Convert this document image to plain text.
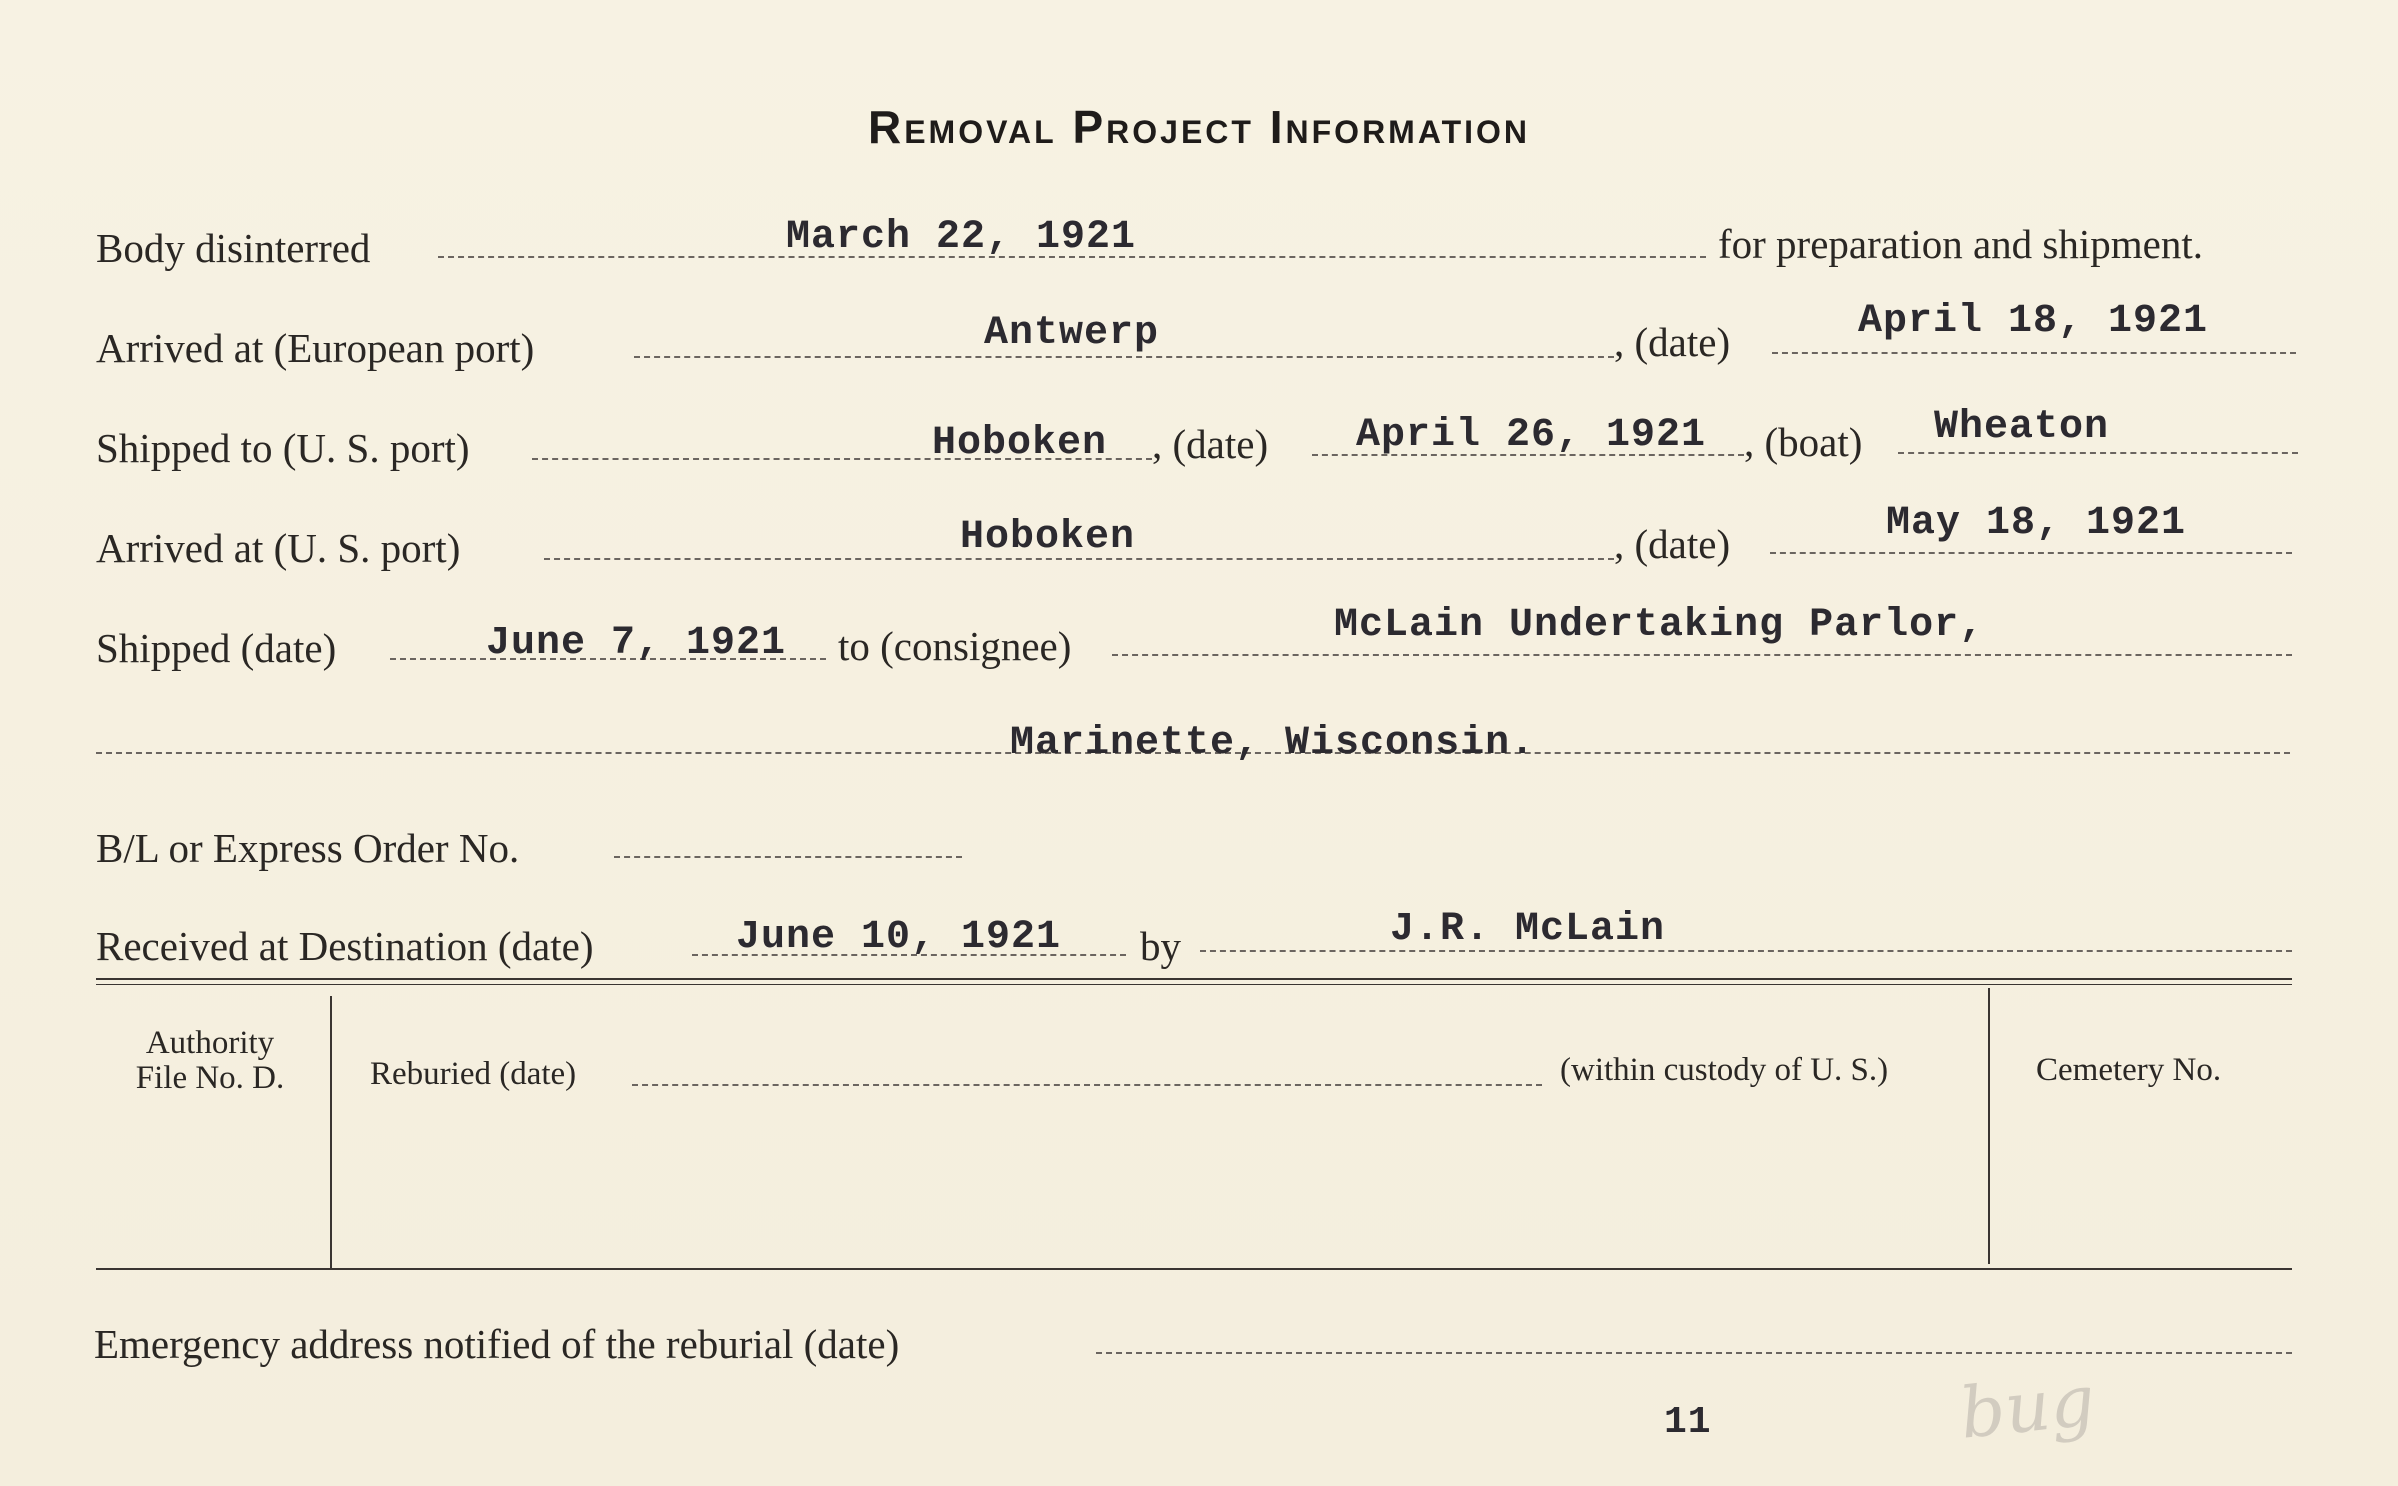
Removal Project Information
Body disinterred	March 22, 1921	for preparation and shipment.
Arrived at (European port)	Antwerp	, (date)	April 18, 1921
Shipped to (U. S. port)	Hoboken , (date) April 26, 1921 , (boat) Wheaton
Arrived at (U. S. port)	Hoboken	, (date)	May 18, 1921
Shipped (date)	June 7, 1921 to (consignee)	McLain Undertaking Parlor,
Marinette, Wisconsin.
B/L or Express Order No.
Received at Destination (date)	June 10, 1921 by	J.R. McLain
Authority
File No. D.	Reburied (date)	(within custody of U. S.)	Cemetery No.
Emergency address notified of the reburial (date)
11	bug
